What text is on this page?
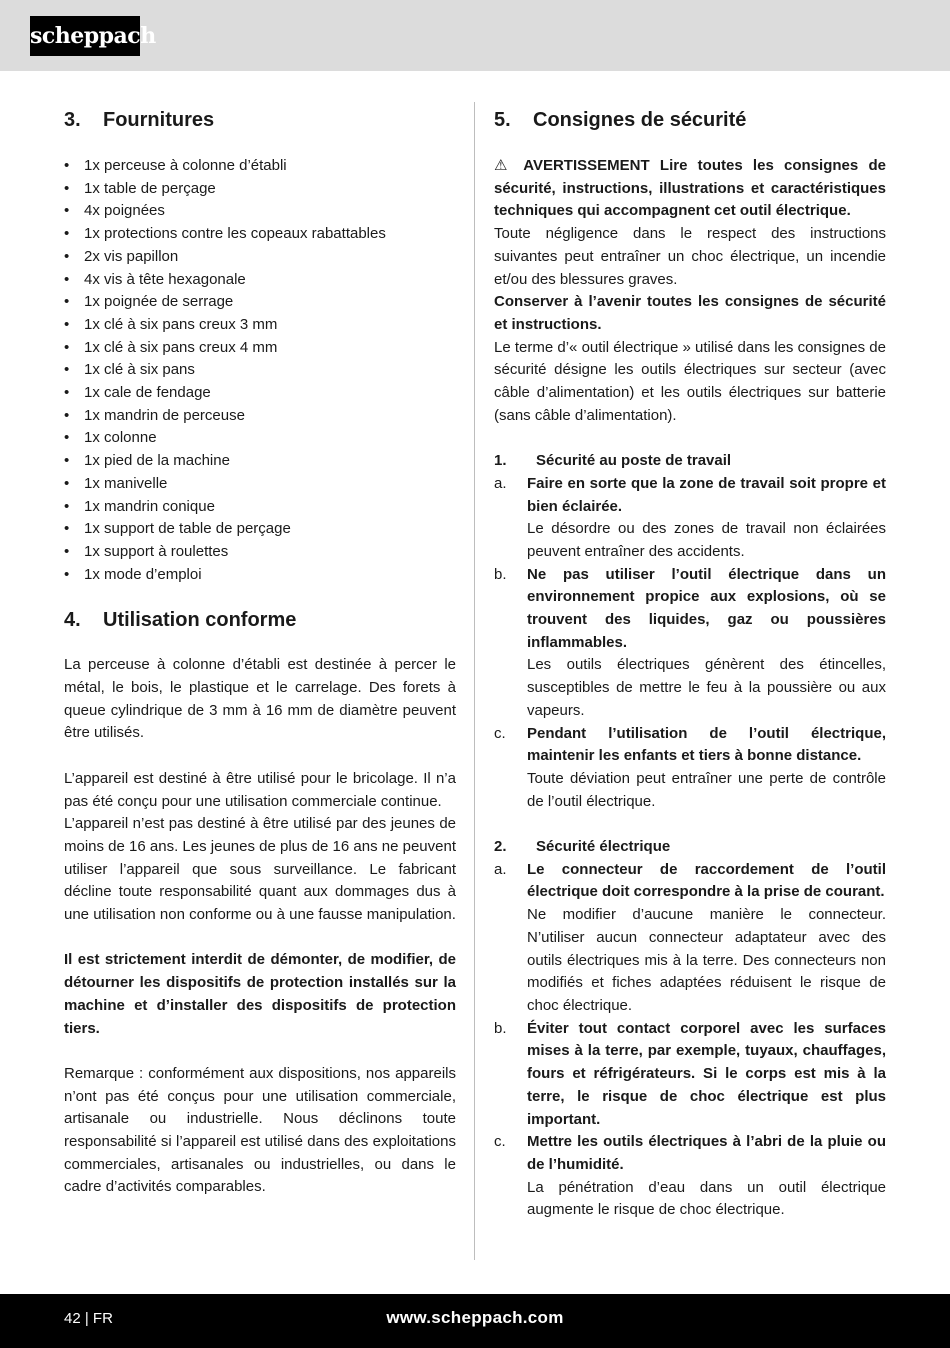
scheppach
3.	Fournitures
• 1x perceuse à colonne d’établi
• 1x table de perçage
• 4x poignées
• 1x protections contre les copeaux rabattables
• 2x vis papillon
• 4x vis à tête hexagonale
• 1x poignée de serrage
• 1x clé à six pans creux 3 mm
• 1x clé à six pans creux 4 mm
• 1x clé à six pans
• 1x cale de fendage
• 1x mandrin de perceuse
• 1x colonne
• 1x pied de la machine
• 1x manivelle
• 1x mandrin conique
• 1x support de table de perçage
• 1x support à roulettes
• 1x mode d’emploi
4.	Utilisation conforme

La perceuse à colonne d’établi est destinée à percer le métal, le bois, le plastique et le carrelage. Des forets à queue cylindrique de 3 mm à 16 mm de diamètre peuvent être utilisés.

L’appareil est destiné à être utilisé pour le bricolage. Il n’a pas été conçu pour une utilisation commerciale continue.

L’appareil n’est pas destiné à être utilisé par des jeunes de moins de 16 ans. Les jeunes de plus de 16 ans ne peuvent utiliser l’appareil que sous surveillance. Le fabricant décline toute responsabilité quant aux dommages dus à une utilisation non conforme ou à une fausse manipulation.

Il est strictement interdit de démonter, de modifier, de détourner les dispositifs de protection installés sur la machine et d’installer des dispositifs de protection tiers.

Remarque : conformément aux dispositions, nos appareils n’ont pas été conçus pour une utilisation commerciale, artisanale ou industrielle. Nous déclinons toute responsabilité si l’appareil est utilisé dans des exploitations commerciales, artisanales ou industrielles, ou dans le cadre d’activités comparables.

5.	Consignes de sécurité

⚠ AVERTISSEMENT Lire toutes les consignes de sécurité, instructions, illustrations et caractéristiques techniques qui accompagnent cet outil électrique.

Toute négligence dans le respect des instructions suivantes peut entraîner un choc électrique, un incendie et/ou des blessures graves.

Conserver à l’avenir toutes les consignes de sécurité et instructions.

Le terme d’« outil électrique » utilisé dans les consignes de sécurité désigne les outils électriques sur secteur (avec câble d’alimentation) et les outils électriques sur batterie (sans câble d’alimentation).

1.	Sécurité au poste de travail
a.	Faire en sorte que la zone de travail soit propre et bien éclairée.

Le désordre ou des zones de travail non éclairées peuvent entraîner des accidents.

b.	Ne pas utiliser l’outil électrique dans un environnement propice aux explosions, où se trouvent des liquides, gaz ou poussières inflammables.

Les outils électriques génèrent des étincelles, susceptibles de mettre le feu à la poussière ou aux vapeurs.

c.	Pendant l’utilisation de l’outil électrique, maintenir les enfants et tiers à bonne distance.

Toute déviation peut entraîner une perte de contrôle de l’outil électrique.

2.	Sécurité électrique
a.	Le connecteur de raccordement de l’outil électrique doit correspondre à la prise de courant.

Ne modifier d’aucune manière le connecteur. N’utiliser aucun connecteur adaptateur avec des outils électriques mis à la terre. Des connecteurs non modifiés et fiches adaptées réduisent le risque de choc électrique.

b.	Éviter tout contact corporel avec les surfaces mises à la terre, par exemple, tuyaux, chauffages, fours et réfrigérateurs. Si le corps est mis à la terre, le risque de choc électrique est plus important.

c.	Mettre les outils électriques à l’abri de la pluie ou de l’humidité.

La pénétration d’eau dans un outil électrique augmente le risque de choc électrique.

42 | FR	www.scheppach.com
